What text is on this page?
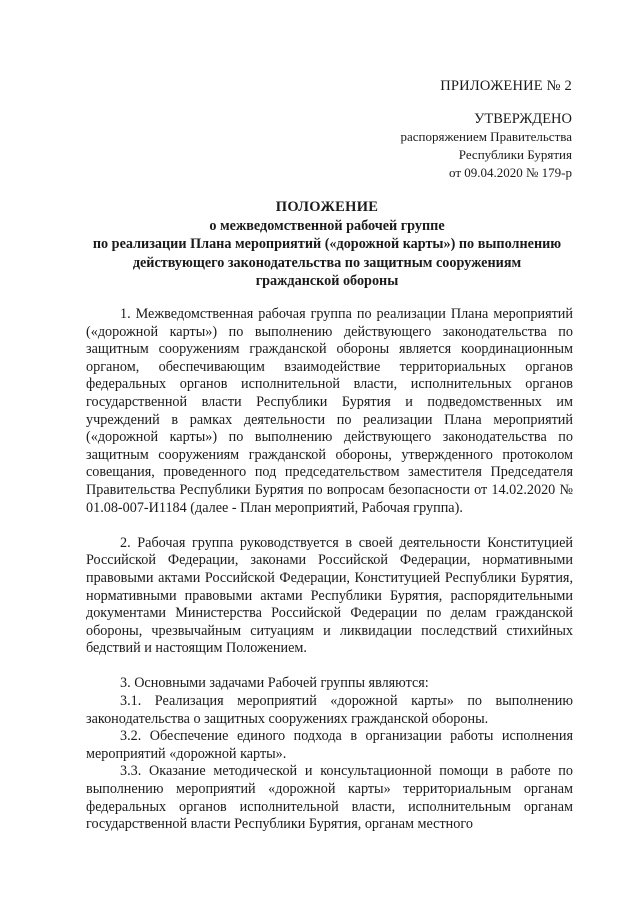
ПРИЛОЖЕНИЕ № 2
УТВЕРЖДЕНО
распоряжением Правительства
Республики Бурятия
от 09.04.2020 № 179-р
ПОЛОЖЕНИЕ
о межведомственной рабочей группе
по реализации Плана мероприятий («дорожной карты») по выполнению
действующего законодательства по защитным сооружениям
гражданской обороны

1. Межведомственная рабочая группа по реализации Плана мероприятий («дорожной карты») по выполнению действующего законодательства по защитным сооружениям гражданской обороны является координационным органом, обеспечивающим взаимодействие территориальных органов федеральных органов исполнительной власти, исполнительных органов государственной власти Республики Бурятия и подведомственных им учреждений в рамках деятельности по реализации Плана мероприятий («дорожной карты») по выполнению действующего законодательства по защитным сооружениям гражданской обороны, утвержденного протоколом совещания, проведенного под председательством заместителя Председателя Правительства Республики Бурятия по вопросам безопасности от 14.02.2020 № 01.08-007-И1184 (далее - План мероприятий, Рабочая группа).

2. Рабочая группа руководствуется в своей деятельности Конституцией Российской Федерации, законами Российской Федерации, нормативными правовыми актами Российской Федерации, Конституцией Республики Бурятия, нормативными правовыми актами Республики Бурятия, распорядительными документами Министерства Российской Федерации по делам гражданской обороны, чрезвычайным ситуациям и ликвидации последствий стихийных бедствий и настоящим Положением.

3. Основными задачами Рабочей группы являются:

3.1. Реализация мероприятий «дорожной карты» по выполнению законодательства о защитных сооружениях гражданской обороны.

3.2. Обеспечение единого подхода в организации работы исполнения мероприятий «дорожной карты».

3.3. Оказание методической и консультационной помощи в работе по выполнению мероприятий «дорожной карты» территориальным органам федеральных органов исполнительной власти, исполнительным органам государственной власти Республики Бурятия, органам местного
